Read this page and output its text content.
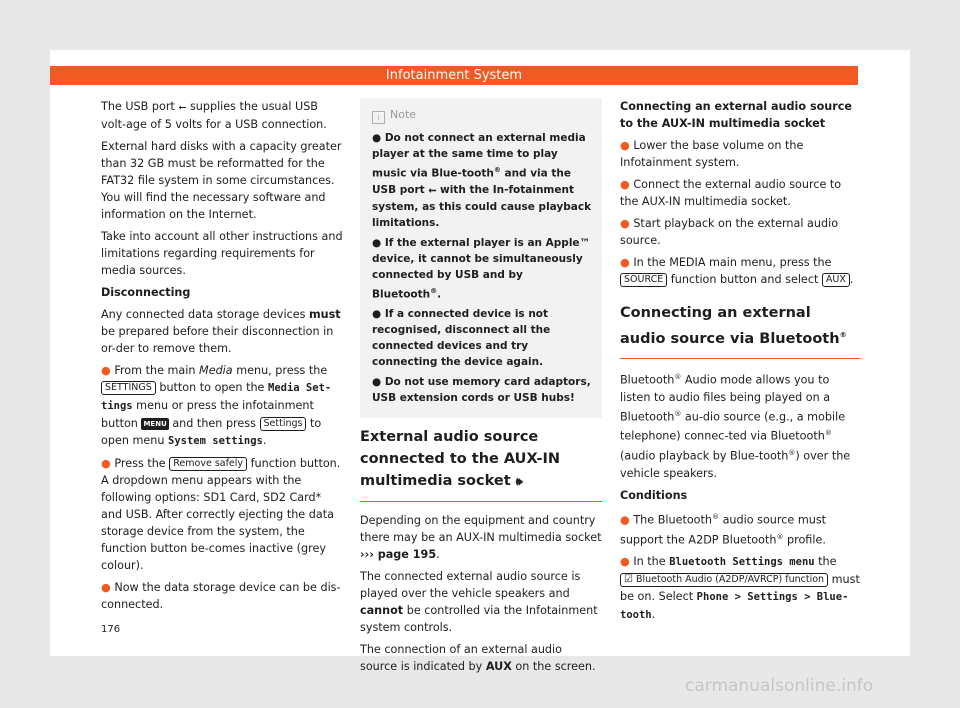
Infotainment System

The USB port ⭠ supplies the usual USB volt-age of 5 volts for a USB connection.

External hard disks with a capacity greater than 32 GB must be reformatted for the FAT32 file system in some circumstances. You will find the necessary software and information on the Internet.

Take into account all other instructions and limitations regarding requirements for media sources.

Disconnecting

Any connected data storage devices must be prepared before their disconnection in or-der to remove them.

● From the main Media menu, press the SETTINGS button to open the Media Set-tings menu or press the infotainment button MENU and then press Settings to open menu System settings.

● Press the Remove safely function button. A dropdown menu appears with the following options: SD1 Card, SD2 Card* and USB. After correctly ejecting the data storage device from the system, the function button be-comes inactive (grey colour).

● Now the data storage device can be dis-connected.

i Note

● Do not connect an external media player at the same time to play music via Blue-tooth® and via the USB port ⭠ with the In-fotainment system, as this could cause playback limitations.

● If the external player is an Apple™ device, it cannot be simultaneously connected by USB and by Bluetooth®.

● If a connected device is not recognised, disconnect all the connected devices and try connecting the device again.

● Do not use memory card adaptors, USB extension cords or USB hubs!

External audio source connected to the AUX-IN multimedia socket 🕪

Depending on the equipment and country there may be an AUX-IN multimedia socket ››› page 195.

The connected external audio source is played over the vehicle speakers and cannot be controlled via the Infotainment system controls.

The connection of an external audio source is indicated by AUX on the screen.

Connecting an external audio source to the AUX-IN multimedia socket

● Lower the base volume on the Infotainment system.

● Connect the external audio source to the AUX-IN multimedia socket.

● Start playback on the external audio source.

● In the MEDIA main menu, press the SOURCE function button and select AUX .

Connecting an external audio source via Bluetooth®

Bluetooth® Audio mode allows you to listen to audio files being played on a Bluetooth® au-dio source (e.g., a mobile telephone) connec-ted via Bluetooth® (audio playback by Blue-tooth®) over the vehicle speakers.

Conditions

● The Bluetooth® audio source must support the A2DP Bluetooth® profile.

● In the Bluetooth Settings menu the ☑ Bluetooth Audio (A2DP/AVRCP) function must be on. Select Phone > Settings > Blue-tooth.

176
carmanualsonline.info
